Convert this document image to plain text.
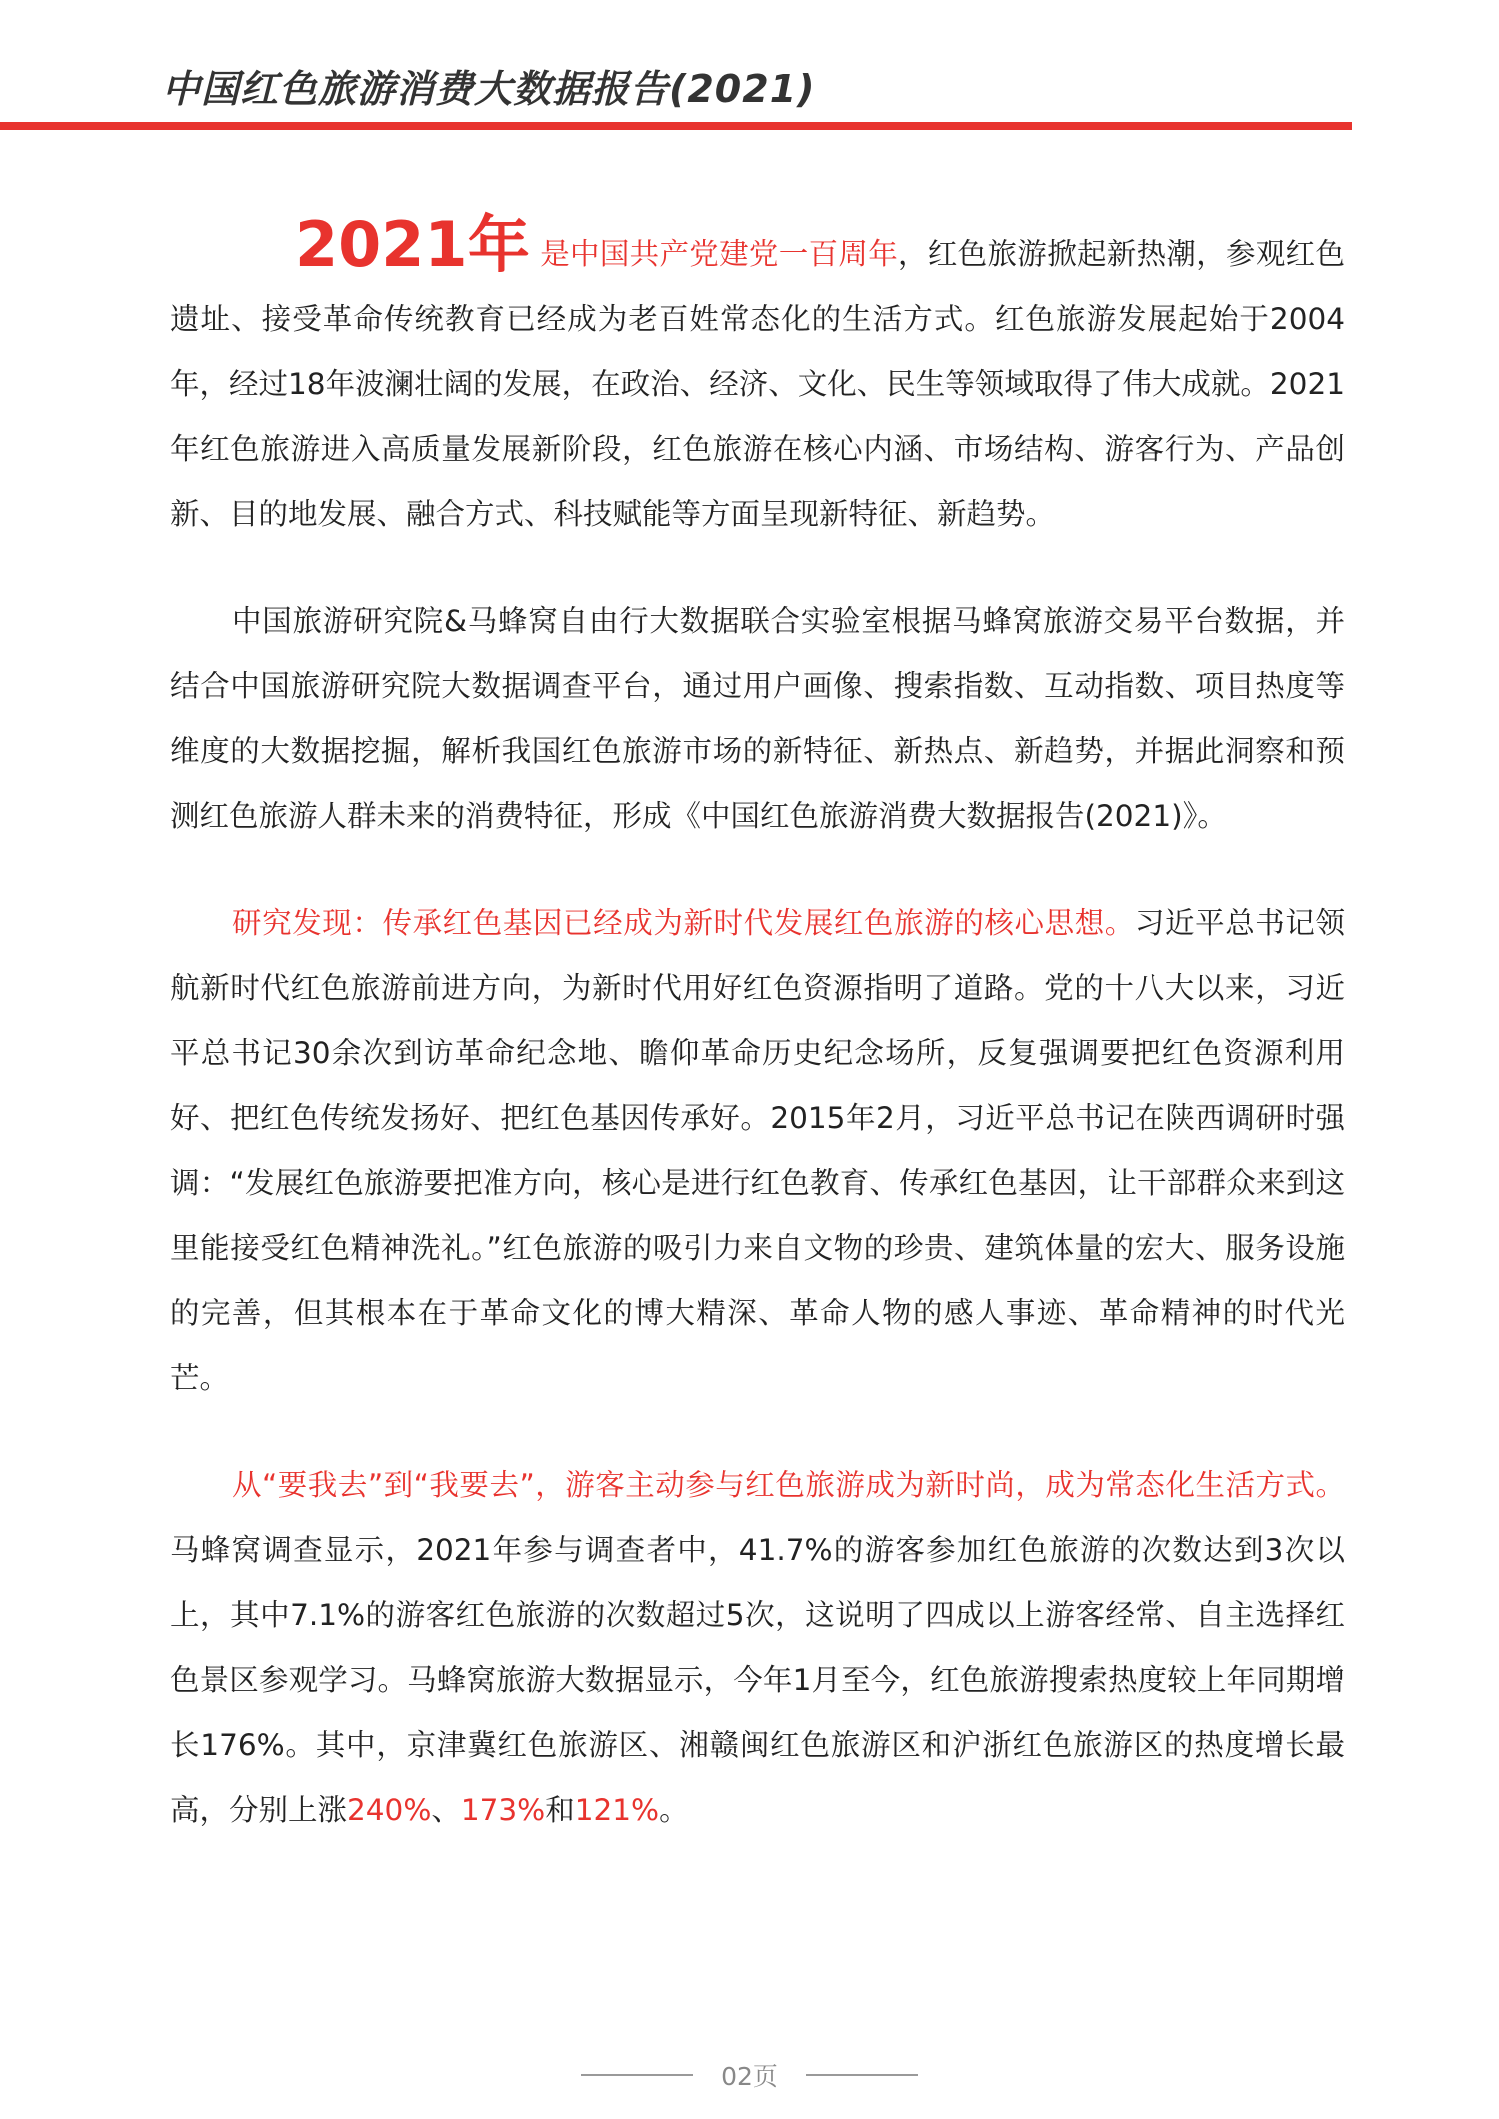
中国红色旅游消费大数据报告(2021)

2021年 是中国共产党建党一百周年，红色旅游掀起新热潮，参观红色遗址、接受革命传统教育已经成为老百姓常态化的生活方式。红色旅游发展起始于2004年，经过18年波澜壮阔的发展，在政治、经济、文化、民生等领域取得了伟大成就。2021年红色旅游进入高质量发展新阶段，红色旅游在核心内涵、市场结构、游客行为、产品创新、目的地发展、融合方式、科技赋能等方面呈现新特征、新趋势。

中国旅游研究院&马蜂窝自由行大数据联合实验室根据马蜂窝旅游交易平台数据，并结合中国旅游研究院大数据调查平台，通过用户画像、搜索指数、互动指数、项目热度等维度的大数据挖掘，解析我国红色旅游市场的新特征、新热点、新趋势，并据此洞察和预测红色旅游人群未来的消费特征，形成《中国红色旅游消费大数据报告(2021)》。

研究发现：传承红色基因已经成为新时代发展红色旅游的核心思想。习近平总书记领航新时代红色旅游前进方向，为新时代用好红色资源指明了道路。党的十八大以来，习近平总书记30余次到访革命纪念地、瞻仰革命历史纪念场所，反复强调要把红色资源利用好、把红色传统发扬好、把红色基因传承好。2015年2月，习近平总书记在陕西调研时强调：“发展红色旅游要把准方向，核心是进行红色教育、传承红色基因，让干部群众来到这里能接受红色精神洗礼。”红色旅游的吸引力来自文物的珍贵、建筑体量的宏大、服务设施的完善，但其根本在于革命文化的博大精深、革命人物的感人事迹、革命精神的时代光芒。

从“要我去”到“我要去”，游客主动参与红色旅游成为新时尚，成为常态化生活方式。马蜂窝调查显示，2021年参与调查者中，41.7%的游客参加红色旅游的次数达到3次以上，其中7.1%的游客红色旅游的次数超过5次，这说明了四成以上游客经常、自主选择红色景区参观学习。马蜂窝旅游大数据显示，今年1月至今，红色旅游搜索热度较上年同期增长176%。其中，京津冀红色旅游区、湘赣闽红色旅游区和沪浙红色旅游区的热度增长最高，分别上涨240%、173%和121%。

02页
